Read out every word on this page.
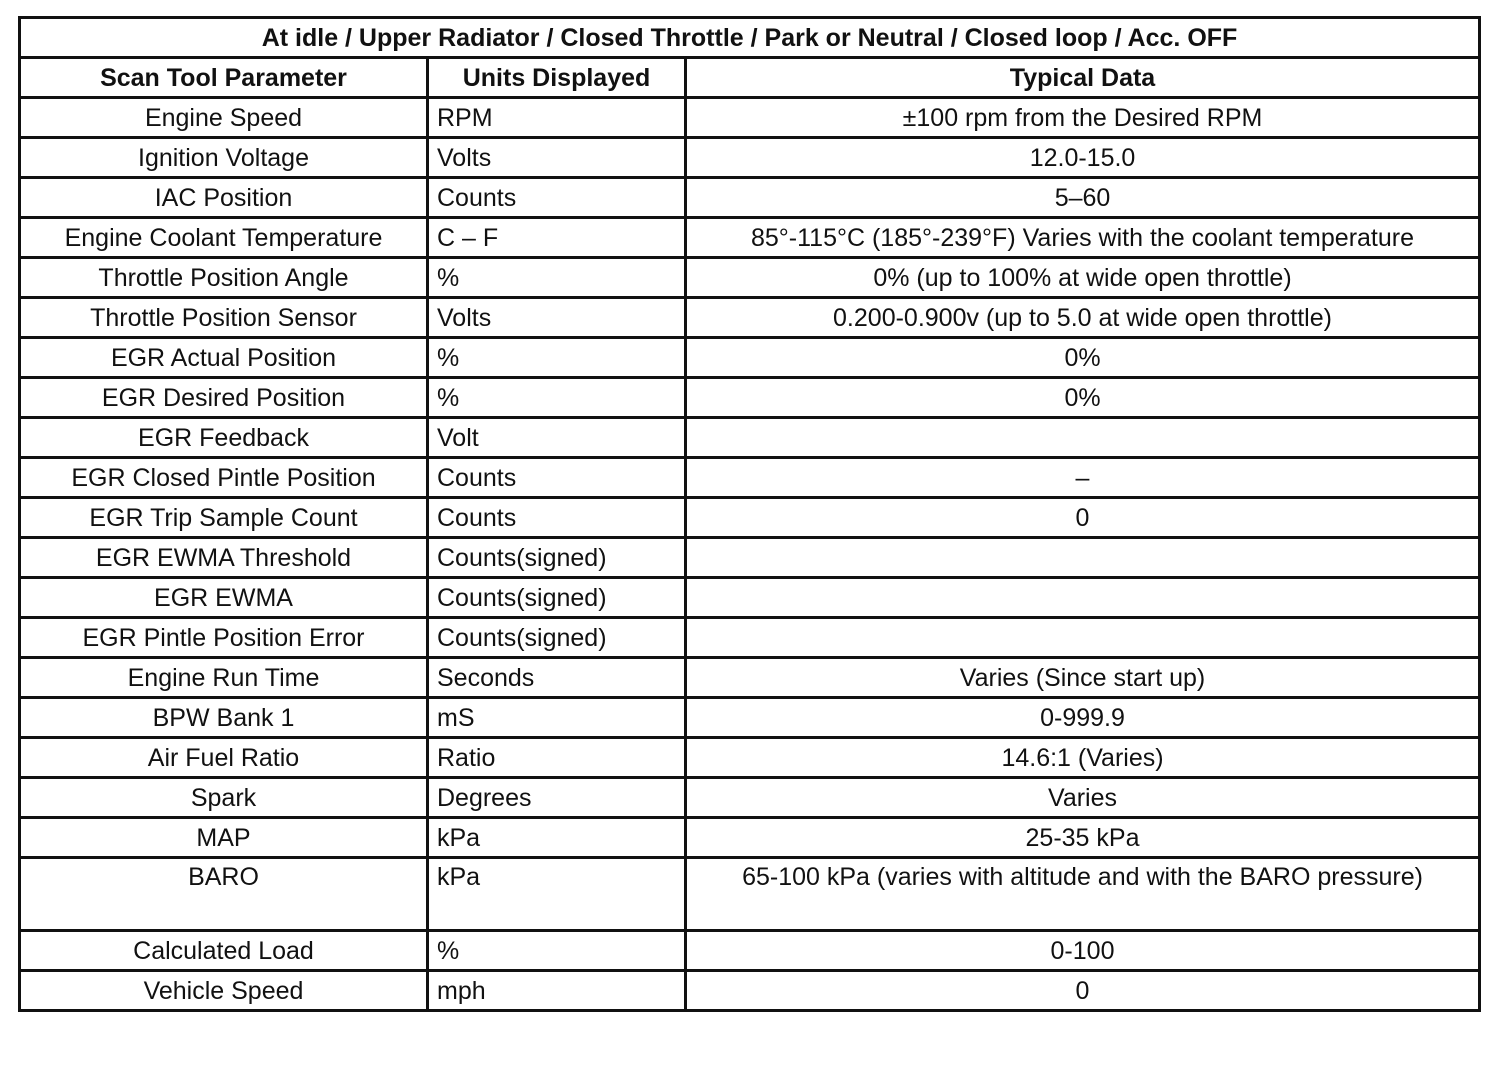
At idle / Upper Radiator / Closed Throttle / Park or Neutral / Closed loop / Acc. OFF		
Scan Tool Parameter	Units Displayed	Typical Data
Engine Speed	RPM	±100 rpm from the Desired RPM
Ignition Voltage	Volts	12.0-15.0
IAC Position	Counts	5–60
Engine Coolant Temperature	C – F	85°-115°C (185°-239°F) Varies with the coolant temperature
Throttle Position Angle	%	0% (up to 100% at wide open throttle)
Throttle Position Sensor	Volts	0.200-0.900v (up to 5.0 at wide open throttle)
EGR Actual Position	%	0%
EGR Desired Position	%	0%
EGR Feedback	Volt	
EGR Closed Pintle Position	Counts	–
EGR Trip Sample Count	Counts	0
EGR EWMA Threshold	Counts(signed)	
EGR EWMA	Counts(signed)	
EGR Pintle Position Error	Counts(signed)	
Engine Run Time	Seconds	Varies (Since start up)
BPW Bank 1	mS	0-999.9
Air Fuel Ratio	Ratio	14.6:1 (Varies)
Spark	Degrees	Varies
MAP	kPa	25-35 kPa
BARO	kPa	65-100 kPa (varies with altitude and with the BARO pressure)
Calculated Load	%	0-100
Vehicle Speed	mph	0
